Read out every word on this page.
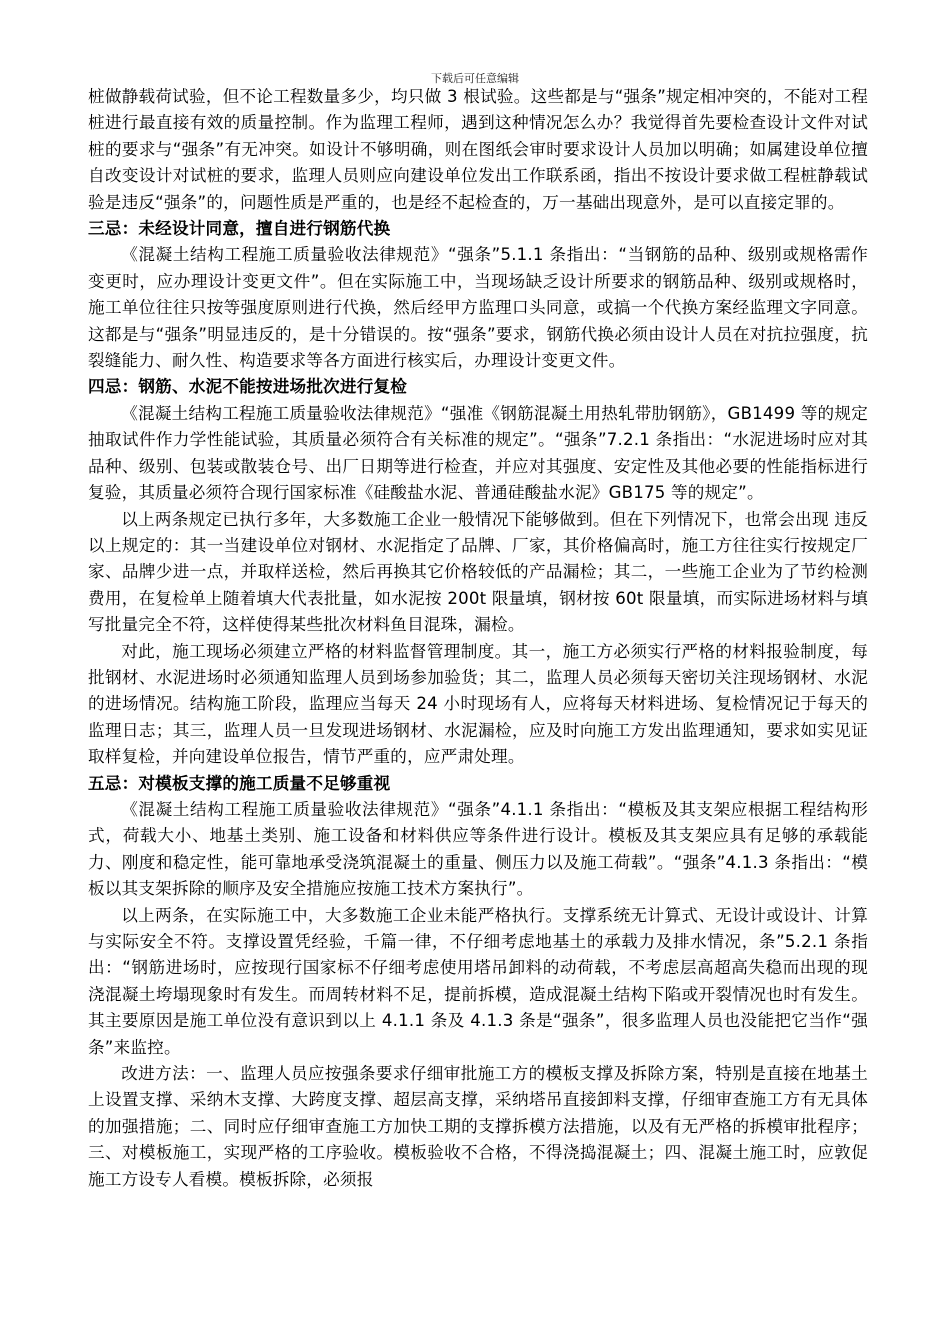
下载后可任意编辑

桩做静载荷试验，但不论工程数量多少，均只做 3 根试验。这些都是与“强条”规定相冲突的，不能对工程桩进行最直接有效的质量控制。作为监理工程师，遇到这种情况怎么办？我觉得首先要检查设计文件对试桩的要求与“强条”有无冲突。如设计不够明确，则在图纸会审时要求设计人员加以明确；如属建设单位擅自改变设计对试桩的要求，监理人员则应向建设单位发出工作联系函，指出不按设计要求做工程桩静载试验是违反“强条”的，问题性质是严重的，也是经不起检查的，万一基础出现意外，是可以直接定罪的。

三忌：未经设计同意，擅自进行钢筋代换

《混凝土结构工程施工质量验收法律规范》“强条”5.1.1 条指出：“当钢筋的品种、级别或规格需作变更时，应办理设计变更文件”。但在实际施工中，当现场缺乏设计所要求的钢筋品种、级别或规格时，施工单位往往只按等强度原则进行代换，然后经甲方监理口头同意，或搞一个代换方案经监理文字同意。这都是与“强条”明显违反的，是十分错误的。按“强条”要求，钢筋代换必须由设计人员在对抗拉强度，抗裂缝能力、耐久性、构造要求等各方面进行核实后，办理设计变更文件。

四忌：钢筋、水泥不能按进场批次进行复检

《混凝土结构工程施工质量验收法律规范》“强准《钢筋混凝土用热轧带肋钢筋》，GB1499 等的规定抽取试件作力学性能试验，其质量必须符合有关标准的规定”。“强条”7.2.1 条指出：“水泥进场时应对其品种、级别、包装或散装仓号、出厂日期等进行检查，并应对其强度、安定性及其他必要的性能指标进行复验，其质量必须符合现行国家标准《硅酸盐水泥、普通硅酸盐水泥》GB175 等的规定”。

以上两条规定已执行多年，大多数施工企业一般情况下能够做到。但在下列情况下，也常会出现 违反以上规定的：其一当建设单位对钢材、水泥指定了品牌、厂家，其价格偏高时，施工方往往实行按规定厂家、品牌少进一点，并取样送检，然后再换其它价格较低的产品漏检；其二，一些施工企业为了节约检测费用，在复检单上随着填大代表批量，如水泥按 200t 限量填，钢材按 60t 限量填，而实际进场材料与填写批量完全不符，这样使得某些批次材料鱼目混珠，漏检。

对此，施工现场必须建立严格的材料监督管理制度。其一，施工方必须实行严格的材料报验制度，每批钢材、水泥进场时必须通知监理人员到场参加验货；其二，监理人员必须每天密切关注现场钢材、水泥的进场情况。结构施工阶段，监理应当每天 24 小时现场有人，应将每天材料进场、复检情况记于每天的监理日志；其三，监理人员一旦发现进场钢材、水泥漏检，应及时向施工方发出监理通知，要求如实见证取样复检，并向建设单位报告，情节严重的，应严肃处理。

五忌：对模板支撑的施工质量不足够重视

《混凝土结构工程施工质量验收法律规范》“强条”4.1.1 条指出：“模板及其支架应根据工程结构形式，荷载大小、地基土类别、施工设备和材料供应等条件进行设计。模板及其支架应具有足够的承载能力、刚度和稳定性，能可靠地承受浇筑混凝土的重量、侧压力以及施工荷载”。“强条”4.1.3 条指出：“模板以其支架拆除的顺序及安全措施应按施工技术方案执行”。

以上两条，在实际施工中，大多数施工企业未能严格执行。支撑系统无计算式、无设计或设计、计算与实际安全不符。支撑设置凭经验，千篇一律，不仔细考虑地基土的承载力及排水情况，条”5.2.1 条指出：“钢筋进场时，应按现行国家标不仔细考虑使用塔吊卸料的动荷载，不考虑层高超高失稳而出现的现浇混凝土垮塌现象时有发生。而周转材料不足，提前拆模，造成混凝土结构下陷或开裂情况也时有发生。其主要原因是施工单位没有意识到以上 4.1.1 条及 4.1.3 条是“强条”，很多监理人员也没能把它当作“强条”来监控。

改进方法：一、监理人员应按强条要求仔细审批施工方的模板支撑及拆除方案，特别是直接在地基土上设置支撑、采纳木支撑、大跨度支撑、超层高支撑，采纳塔吊直接卸料支撑，仔细审查施工方有无具体的加强措施；二、同时应仔细审查施工方加快工期的支撑拆模方法措施，以及有无严格的拆模审批程序；三、对模板施工，实现严格的工序验收。模板验收不合格，不得浇捣混凝土；四、混凝土施工时，应敦促施工方设专人看模。模板拆除，必须报
